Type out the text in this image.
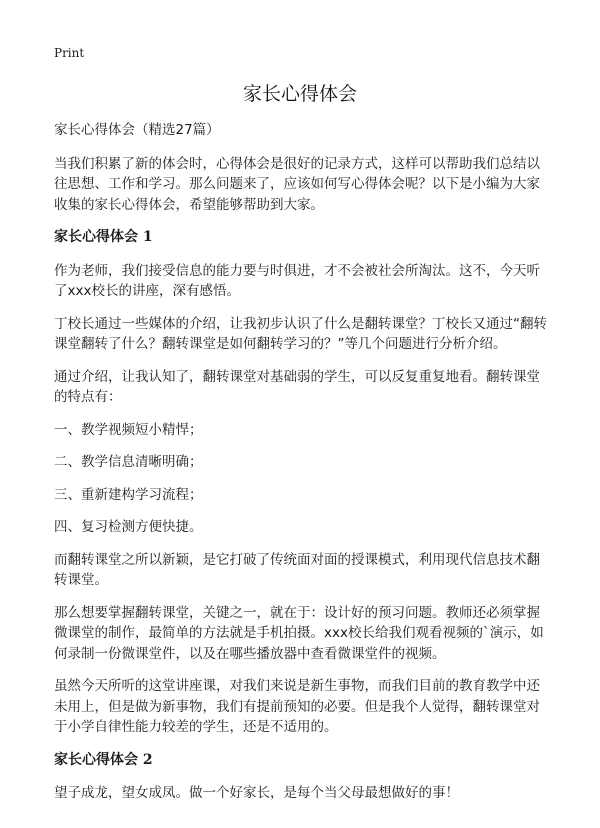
Print
家长心得体会

家长心得体会（精选27篇）

当我们积累了新的体会时，心得体会是很好的记录方式，这样可以帮助我们总结以往思想、工作和学习。那么问题来了，应该如何写心得体会呢？以下是小编为大家收集的家长心得体会，希望能够帮助到大家。

家长心得体会 1

作为老师，我们接受信息的能力要与时俱进，才不会被社会所淘汰。这不，今天听了xxx校长的讲座，深有感悟。

丁校长通过一些媒体的介绍，让我初步认识了什么是翻转课堂？丁校长又通过“翻转课堂翻转了什么？翻转课堂是如何翻转学习的？”等几个问题进行分析介绍。

通过介绍，让我认知了，翻转课堂对基础弱的学生，可以反复重复地看。翻转课堂的特点有：

一、教学视频短小精悍；

二、教学信息清晰明确；

三、重新建构学习流程；

四、复习检测方便快捷。

而翻转课堂之所以新颖，是它打破了传统面对面的授课模式，利用现代信息技术翻转课堂。

那么想要掌握翻转课堂，关键之一，就在于：设计好的预习问题。教师还必须掌握微课堂的制作，最简单的方法就是手机拍摄。xxx校长给我们观看视频的`演示，如何录制一份微课堂件，以及在哪些播放器中查看微课堂件的视频。

虽然今天所听的这堂讲座课，对我们来说是新生事物，而我们目前的教育教学中还未用上，但是做为新事物，我们有提前预知的必要。但是我个人觉得，翻转课堂对于小学自律性能力较差的学生，还是不适用的。

家长心得体会 2

望子成龙，望女成凤。做一个好家长，是每个当父母最想做好的事！
